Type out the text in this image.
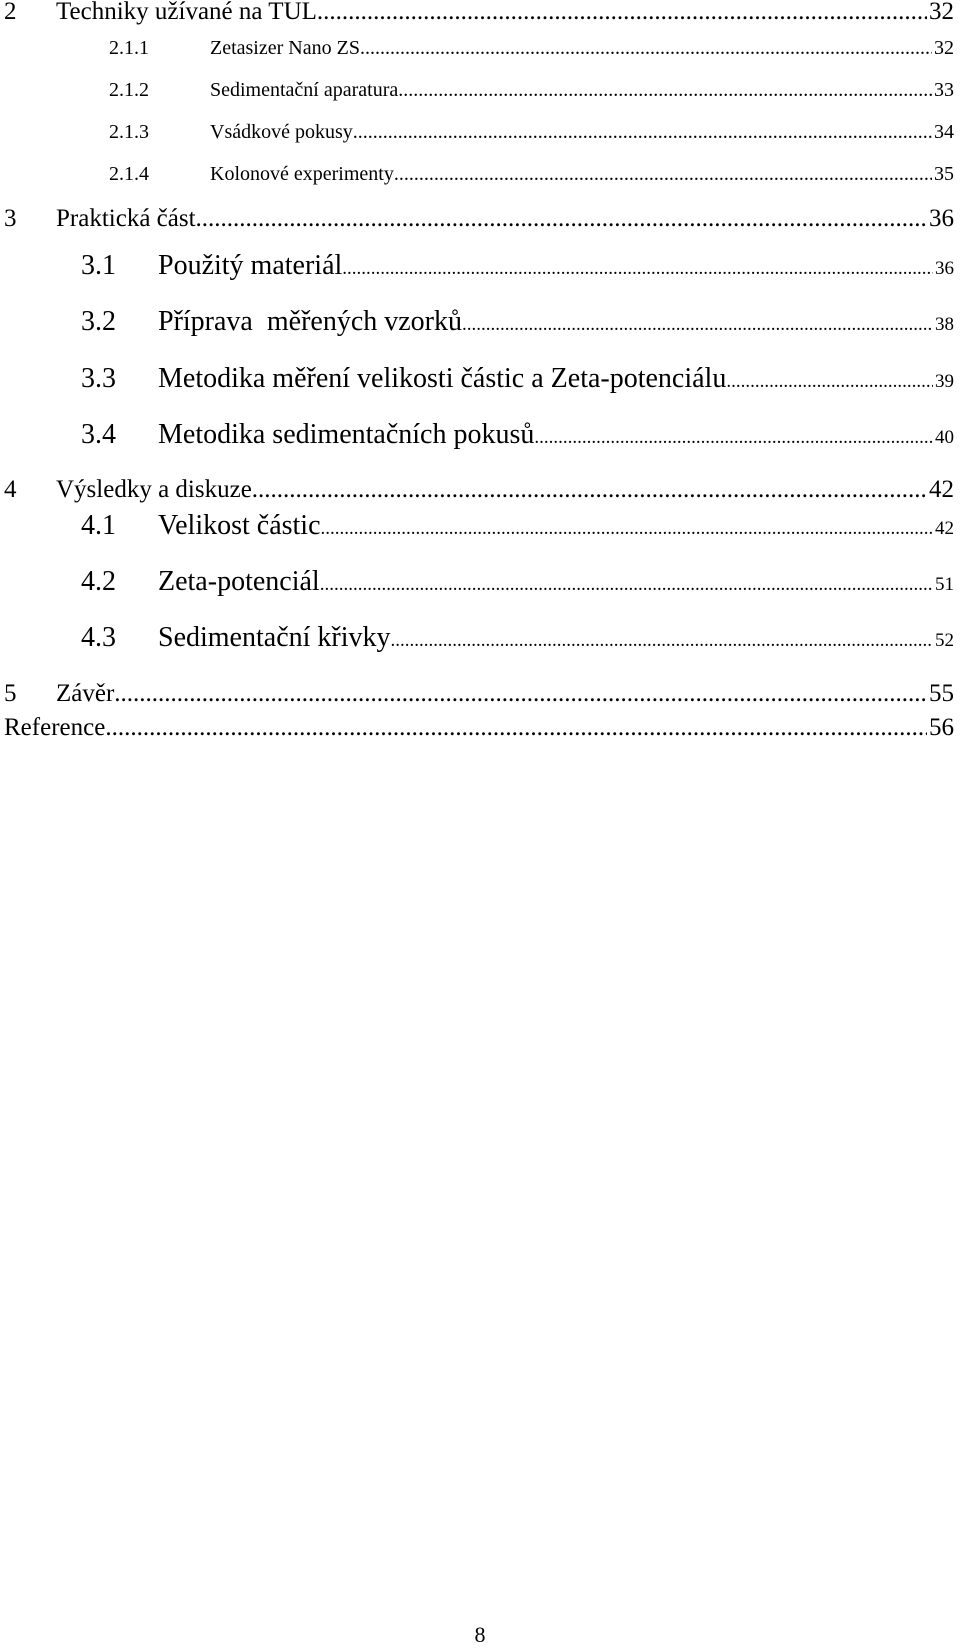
2	Techniky užívané na TUL .....	32
2.1.1	Zetasizer Nano ZS .....	32
2.1.2	Sedimentační aparatura .....	33
2.1.3	Vsádkové pokusy .....	34
2.1.4	Kolonové experimenty .....	35
3	Praktická část .....	36
3.1	Použitý materiál .....	36
3.2	Příprava  měřených vzorků .....	38
3.3	Metodika měření velikosti částic a Zeta-potenciálu .....	39
3.4	Metodika sedimentačních pokusů .....	40
4	Výsledky a diskuze .....	42
4.1	Velikost částic .....	42
4.2	Zeta-potenciál .....	51
4.3	Sedimentační křivky .....	52
5	Závěr .....	55
Reference .....	56
8
